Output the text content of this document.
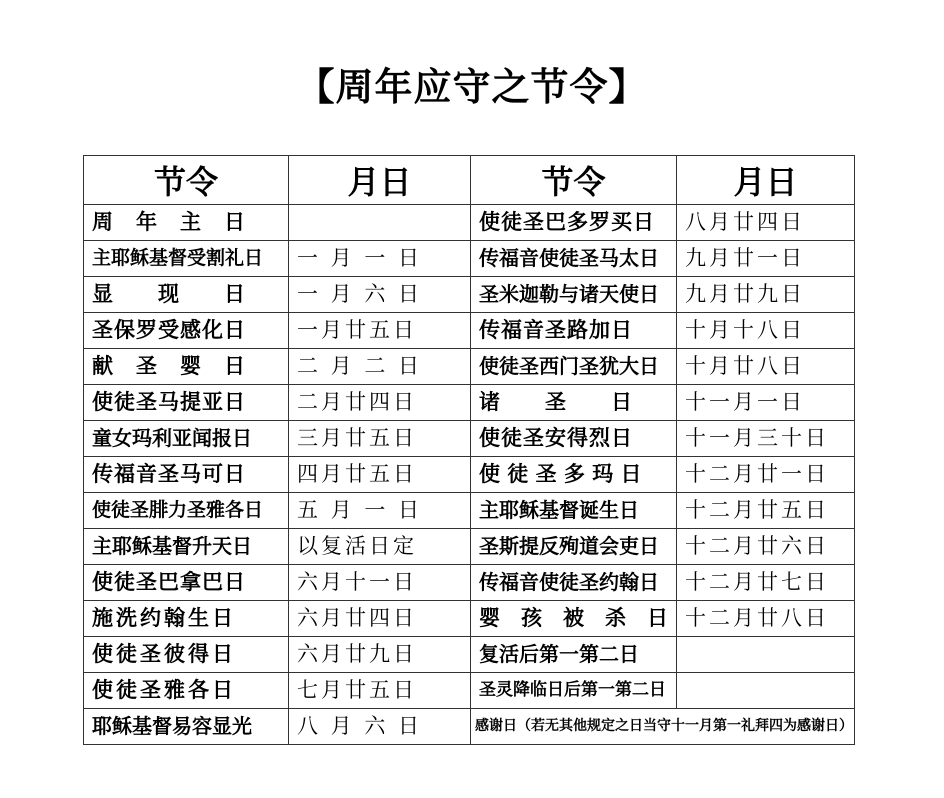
【周年应守之节令】
节令	月日	节令	月日
周　年　主　日		使徒圣巴多罗买日	八月廿四日
主耶稣基督受割礼日	一 月 一 日	传福音使徒圣马太日	九月廿一日
显　　现　　日	一 月 六 日	圣米迦勒与诸天使日	九月廿九日
圣保罗受感化日	一月廿五日	传福音圣路加日	十月十八日
献　圣　婴　日	二 月 二 日	使徒圣西门圣犹大日	十月廿八日
使徒圣马提亚日	二月廿四日	诸　　圣　　日	十一月一日
童女玛利亚闻报日	三月廿五日	使徒圣安得烈日	十一月三十日
传福音圣马可日	四月廿五日	使 徒 圣 多 玛 日	十二月廿一日
使徒圣腓力圣雅各日	五 月 一 日	主耶稣基督诞生日	十二月廿五日
主耶稣基督升天日	以复活日定	圣斯提反殉道会吏日	十二月廿六日
使徒圣巴拿巴日	六月十一日	传福音使徒圣约翰日	十二月廿七日
施洗约翰生日	六月廿四日	婴　孩　被　杀　日	十二月廿八日
使徒圣彼得日	六月廿九日	复活后第一第二日	
使徒圣雅各日	七月廿五日	圣灵降临日后第一第二日	
耶稣基督易容显光	八 月 六 日	感谢日（若无其他规定之日当守十一月第一礼拜四为感谢日）	
